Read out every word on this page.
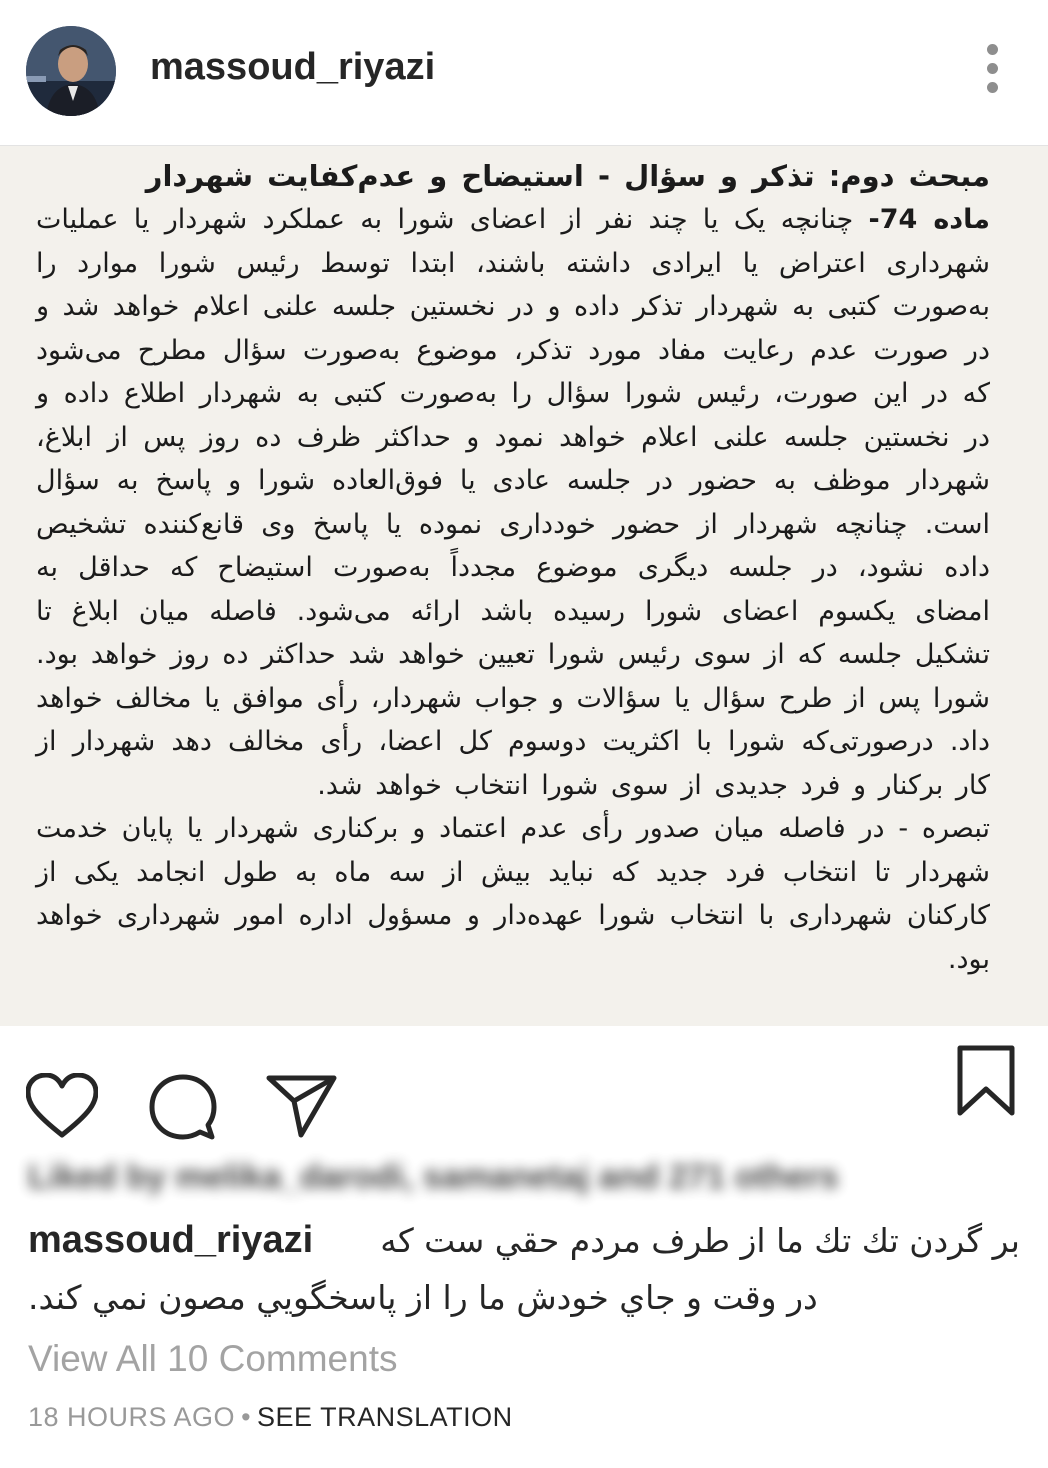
massoud_riyazi

مبحث دوم: تذکر و سؤال - استیضاح و عدم‌کفایت شهردار

ماده 74- چنانچه یک یا چند نفر از اعضای شورا به عملکرد شهردار یا عملیات شهرداری اعتراض یا ایرادی داشته باشند، ابتدا توسط رئیس شورا موارد را به‌صورت کتبی به شهردار تذکر داده و در نخستین جلسه علنی اعلام خواهد شد و در صورت عدم رعایت مفاد مورد تذکر، موضوع به‌صورت سؤال مطرح می‌شود که در این صورت، رئیس شورا سؤال را به‌صورت کتبی به شهردار اطلاع داده و در نخستین جلسه علنی اعلام خواهد نمود و حداکثر ظرف ده روز پس از ابلاغ، شهردار موظف به حضور در جلسه عادی یا فوق‌العاده شورا و پاسخ به سؤال است. چنانچه شهردار از حضور خودداری نموده یا پاسخ وی قانع‌کننده تشخیص داده نشود، در جلسه دیگری موضوع مجدداً به‌صورت استیضاح که حداقل به امضای یکسوم اعضای شورا رسیده باشد ارائه می‌شود. فاصله میان ابلاغ تا تشکیل جلسه که از سوی رئیس شورا تعیین خواهد شد حداکثر ده روز خواهد بود. شورا پس از طرح سؤال یا سؤالات و جواب شهردار، رأی موافق یا مخالف خواهد داد. درصورتی‌که شورا با اکثریت دوسوم کل اعضا، رأی مخالف دهد شهردار از کار برکنار و فرد جدیدی از سوی شورا انتخاب خواهد شد.

تبصره - در فاصله میان صدور رأی عدم اعتماد و برکناری شهردار یا پایان خدمت شهردار تا انتخاب فرد جدید که نباید بیش از سه ماه به طول انجامد یکی از کارکنان شهرداری با انتخاب شورا عهده‌دار و مسؤول اداره امور شهرداری خواهد بود.

Liked by melika_darodi, samanetaj and 271 others
massoud_riyazi	بر گردن تك تك ما از طرف مردم حقي ست كه
در وقت و جاي خودش ما را از پاسخگويي مصون نمي كند.
View All 10 Comments
18 HOURS AGO • SEE TRANSLATION
